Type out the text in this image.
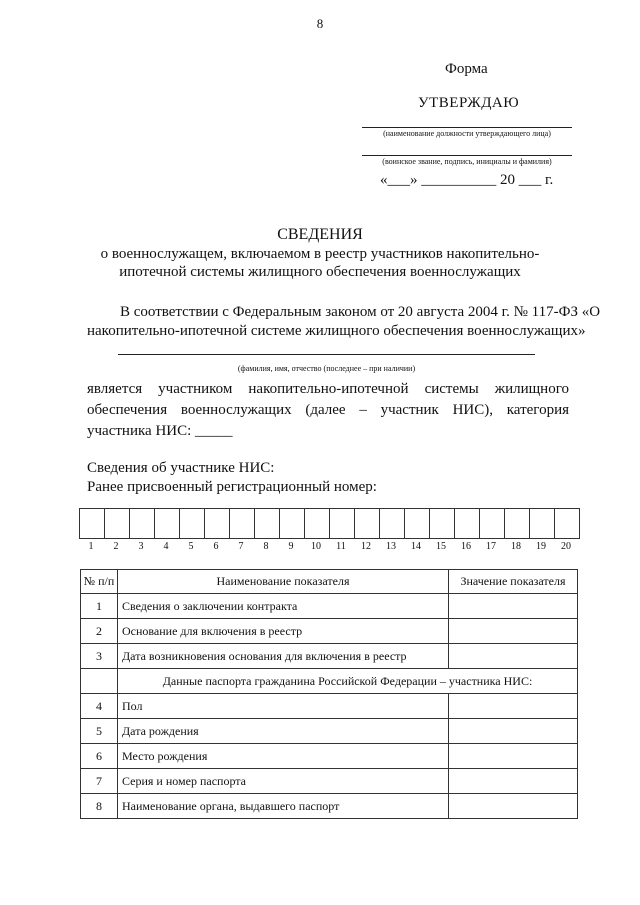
8
Форма
УТВЕРЖДАЮ
(наименование должности утверждающего лица)
(воинское звание, подпись, инициалы и фамилия)
«___» __________ 20 ___ г.
СВЕДЕНИЯ
о военнослужащем, включаемом в реестр участников накопительно-
ипотечной системы жилищного обеспечения военнослужащих
В соответствии с Федеральным законом от 20 августа 2004 г. № 117-ФЗ «О
накопительно-ипотечной системе жилищного обеспечения военнослужащих»
(фамилия, имя, отчество (последнее – при наличии)
является участником накопительно-ипотечной системы жилищного
обеспечения военнослужащих (далее – участник НИС), категория
участника НИС: _____
Сведения об участнике НИС:
Ранее присвоенный регистрационный номер:

1	2	3	4	5	6	7	8	9	10	11	12	13	14	15	16	17	18	19	20
№ п/п	Наименование показателя	Значение показателя
1	Сведения о заключении контракта	
2	Основание для включения в реестр	
3	Дата возникновения основания для включения в реестр	
	Данные паспорта гражданина Российской Федерации – участника НИС:	
4	Пол	
5	Дата рождения	
6	Место рождения	
7	Серия и номер паспорта	
8	Наименование органа, выдавшего паспорт	
